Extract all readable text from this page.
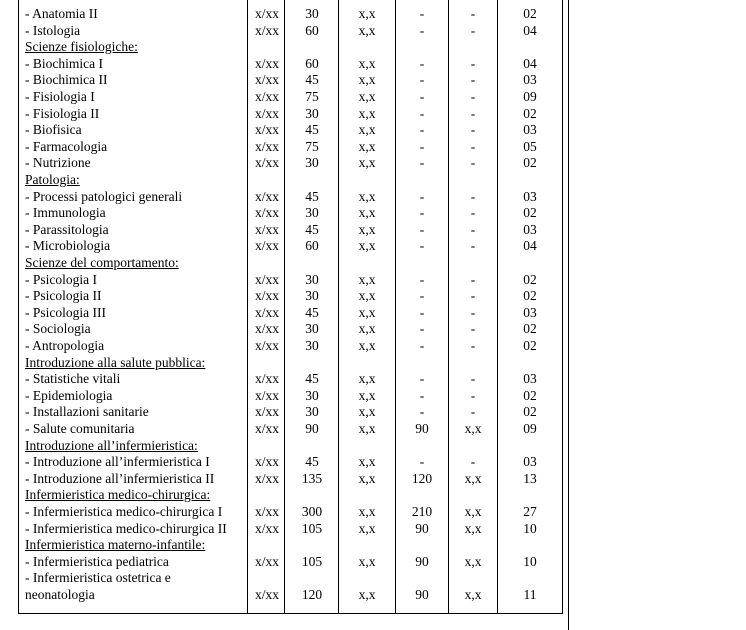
- Anatomia II	x/xx	30	x,x	-	-	02
- Istologia	x/xx	60	x,x	-	-	04
Scienze fisiologiche:
- Biochimica I	x/xx	60	x,x	-	-	04
- Biochimica II	x/xx	45	x,x	-	-	03
- Fisiologia I	x/xx	75	x,x	-	-	09
- Fisiologia II	x/xx	30	x,x	-	-	02
- Biofisica	x/xx	45	x,x	-	-	03
- Farmacologia	x/xx	75	x,x	-	-	05
- Nutrizione	x/xx	30	x,x	-	-	02
Patologia:
- Processi patologici generali	x/xx	45	x,x	-	-	03
- Immunologia	x/xx	30	x,x	-	-	02
- Parassitologia	x/xx	45	x,x	-	-	03
- Microbiologia	x/xx	60	x,x	-	-	04
Scienze del comportamento:
- Psicologia I	x/xx	30	x,x	-	-	02
- Psicologia II	x/xx	30	x,x	-	-	02
- Psicologia III	x/xx	45	x,x	-	-	03
- Sociologia	x/xx	30	x,x	-	-	02
- Antropologia	x/xx	30	x,x	-	-	02
Introduzione alla salute pubblica:
- Statistiche vitali	x/xx	45	x,x	-	-	03
- Epidemiologia	x/xx	30	x,x	-	-	02
- Installazioni sanitarie	x/xx	30	x,x	-	-	02
- Salute comunitaria	x/xx	90	x,x	90	x,x	09
Introduzione all’infermieristica:
- Introduzione all’infermieristica I	x/xx	45	x,x	-	-	03
- Introduzione all’infermieristica II	x/xx	135	x,x	120	x,x	13
Infermieristica medico-chirurgica:
- Infermieristica medico-chirurgica I	x/xx	300	x,x	210	x,x	27
- Infermieristica medico-chirurgica II	x/xx	105	x,x	90	x,x	10
Infermieristica materno-infantile:
- Infermieristica pediatrica	x/xx	105	x,x	90	x,x	10
- Infermieristica ostetrica e
neonatologia	x/xx	120	x,x	90	x,x	11
